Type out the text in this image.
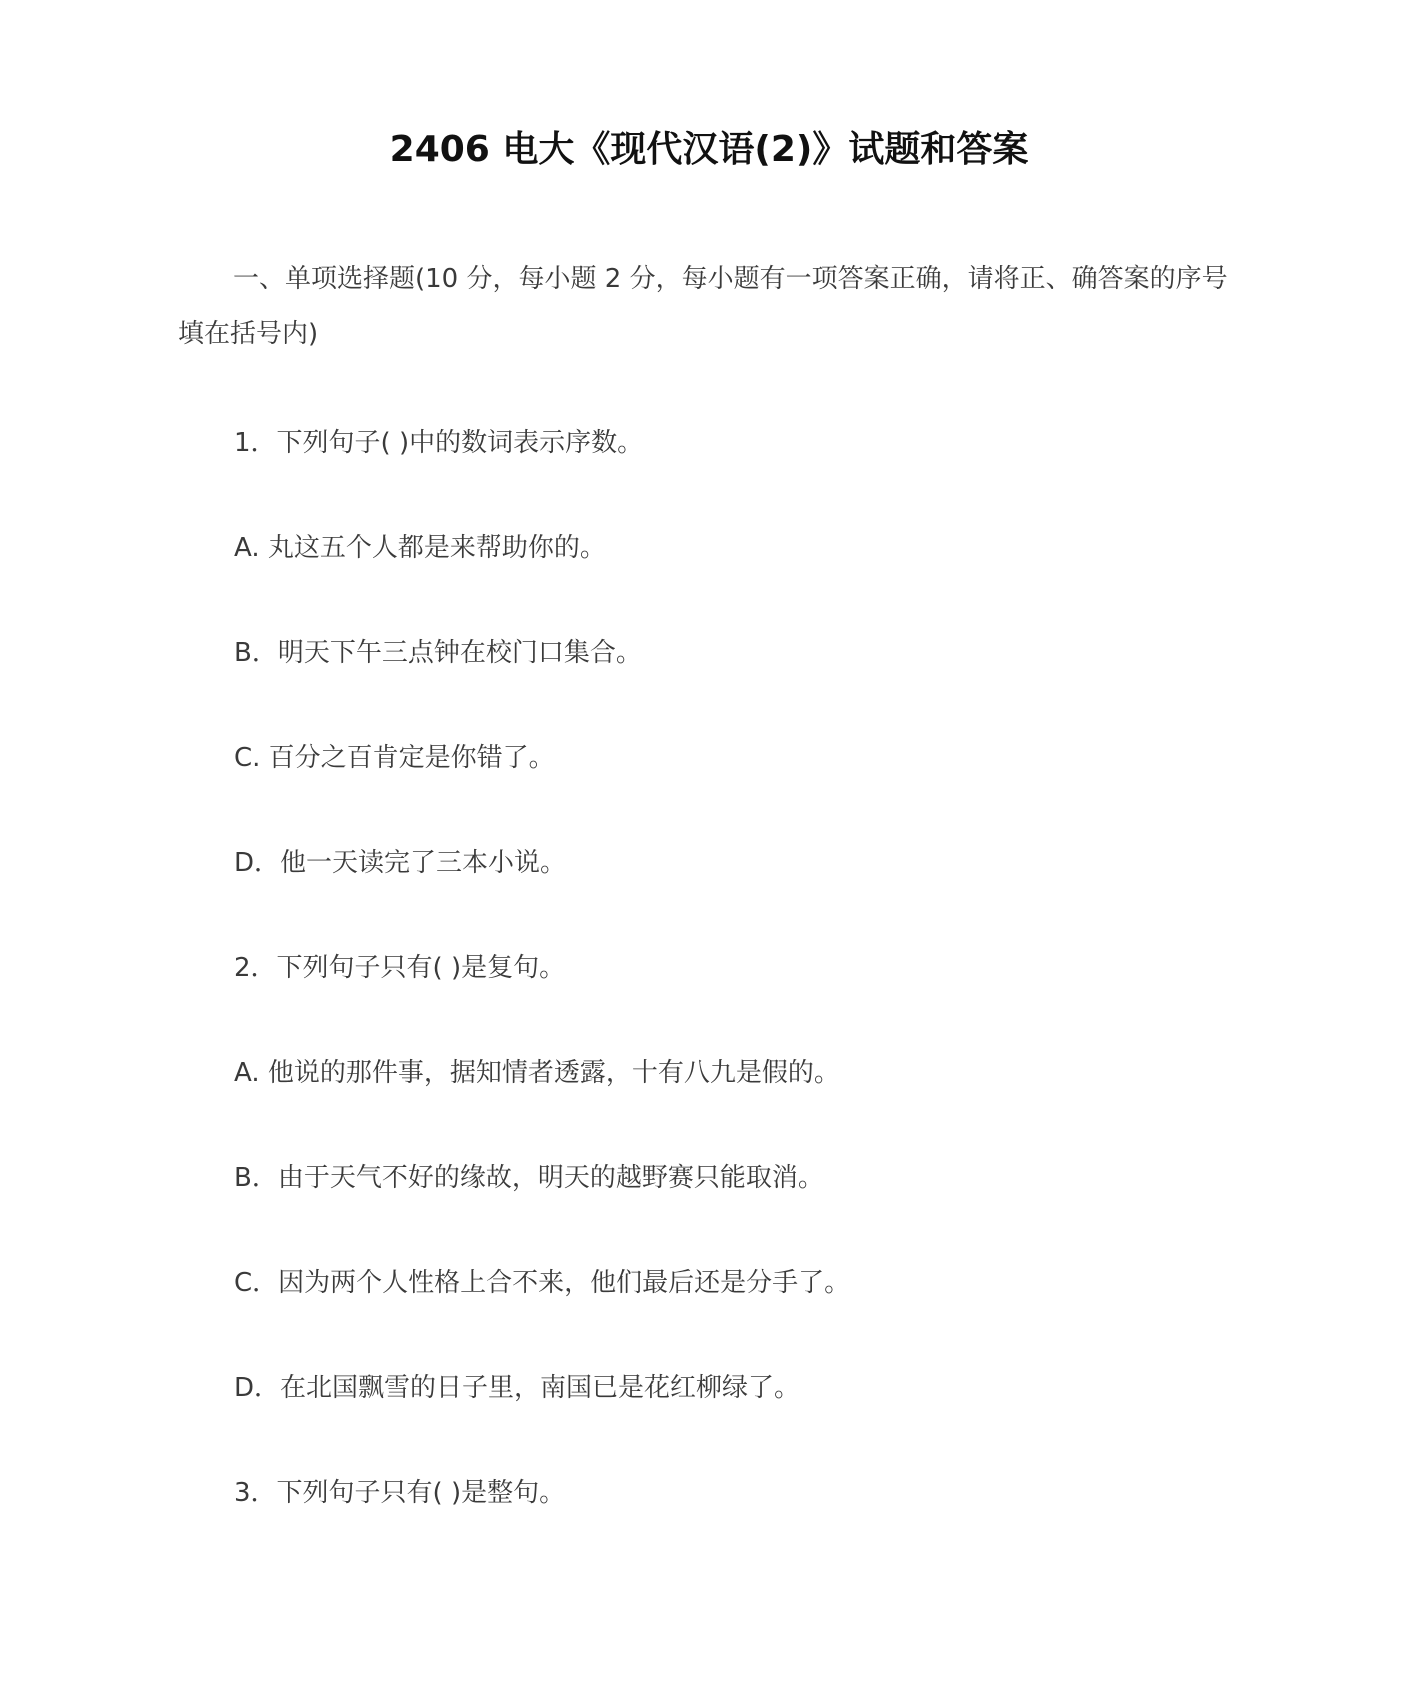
2406 电大《现代汉语(2)》试题和答案
一、单项选择题(10 分，每小题 2 分，每小题有一项答案正确，请将正、确答案的序号填在括号内)
1．下列句子( )中的数词表示序数。
A. 丸这五个人都是来帮助你的。
B．明天下午三点钟在校门口集合。
C. 百分之百肯定是你错了。
D．他一天读完了三本小说。
2．下列句子只有( )是复句。
A. 他说的那件事，据知情者透露，十有八九是假的。
B．由于天气不好的缘故，明天的越野赛只能取消。
C．因为两个人性格上合不来，他们最后还是分手了。
D．在北国飘雪的日子里，南国已是花红柳绿了。
3．下列句子只有( )是整句。
